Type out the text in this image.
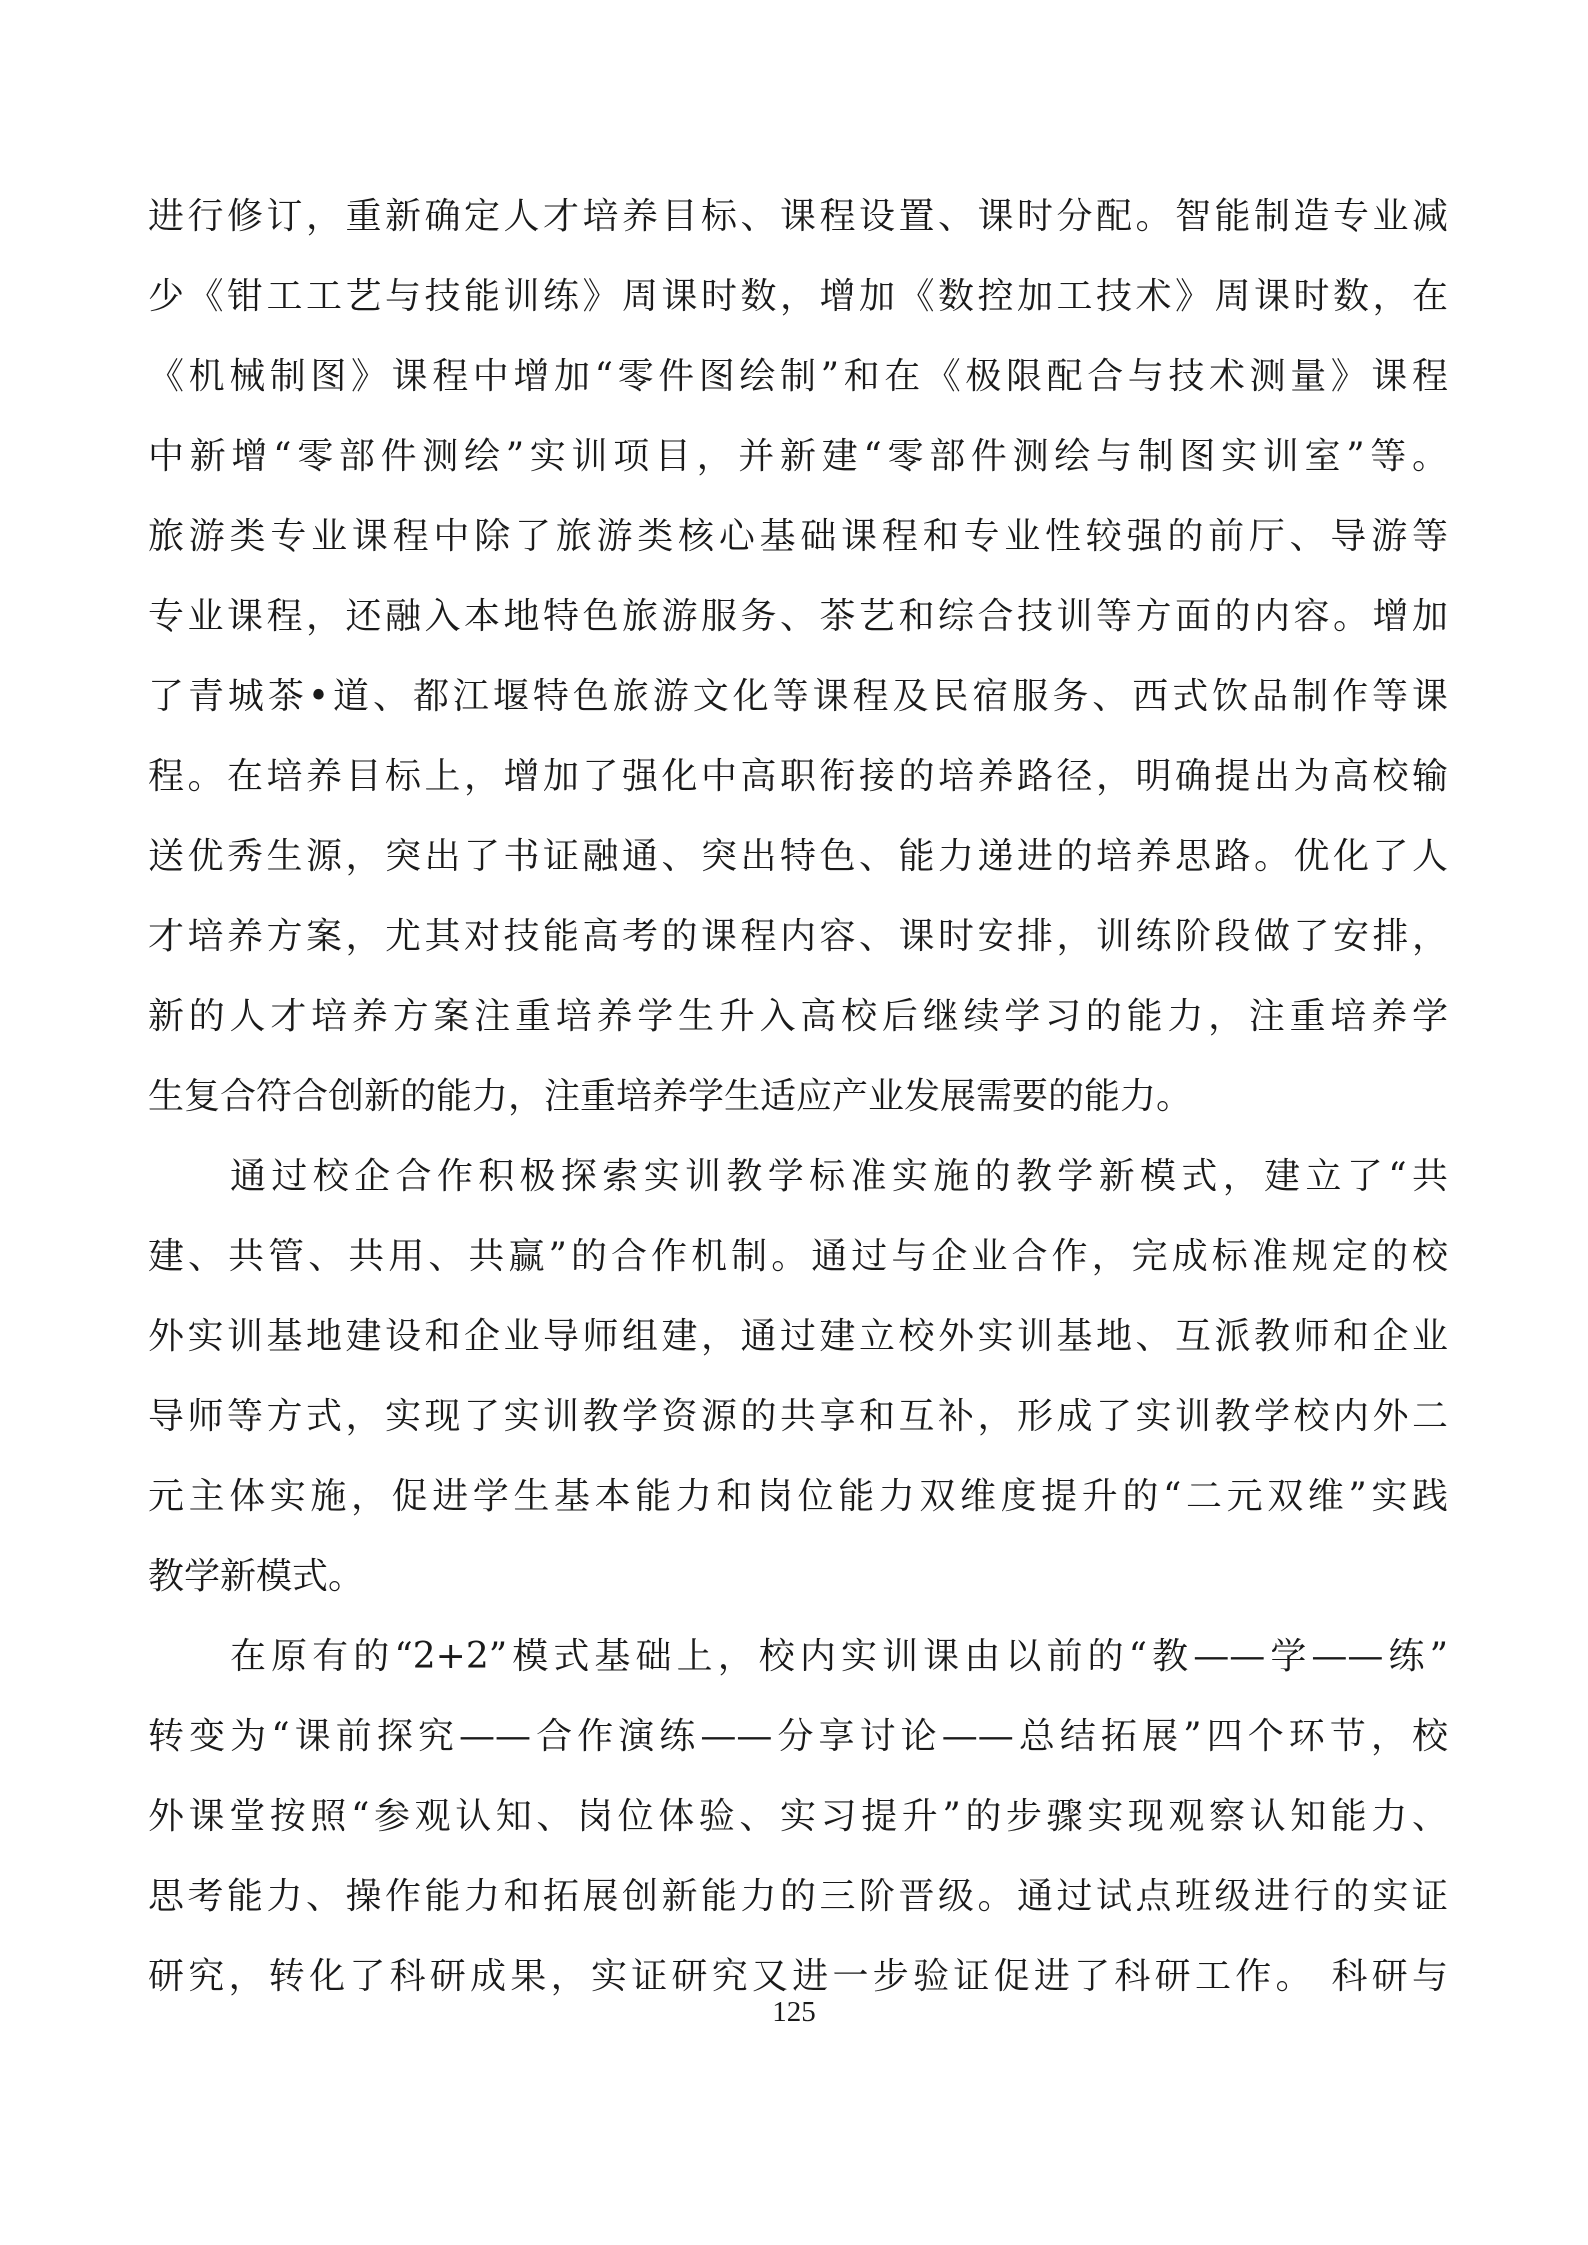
进行修订，重新确定人才培养目标、课程设置、课时分配。智能制造专业减
少《钳工工艺与技能训练》周课时数，增加《数控加工技术》周课时数，在
《机械制图》课程中增加“零件图绘制”和在《极限配合与技术测量》课程
中新增“零部件测绘”实训项目，并新建“零部件测绘与制图实训室”等。
旅游类专业课程中除了旅游类核心基础课程和专业性较强的前厅、导游等
专业课程，还融入本地特色旅游服务、茶艺和综合技训等方面的内容。增加
了青城茶•道、都江堰特色旅游文化等课程及民宿服务、西式饮品制作等课
程。在培养目标上，增加了强化中高职衔接的培养路径，明确提出为高校输
送优秀生源，突出了书证融通、突出特色、能力递进的培养思路。优化了人
才培养方案，尤其对技能高考的课程内容、课时安排，训练阶段做了安排，
新的人才培养方案注重培养学生升入高校后继续学习的能力，注重培养学
生复合符合创新的能力，注重培养学生适应产业发展需要的能力。
通过校企合作积极探索实训教学标准实施的教学新模式，建立了“共
建、共管、共用、共赢”的合作机制。通过与企业合作，完成标准规定的校
外实训基地建设和企业导师组建，通过建立校外实训基地、互派教师和企业
导师等方式，实现了实训教学资源的共享和互补，形成了实训教学校内外二
元主体实施，促进学生基本能力和岗位能力双维度提升的“二元双维”实践
教学新模式。
在原有的“2+2”模式基础上，校内实训课由以前的“教——学——练”
转变为“课前探究——合作演练——分享讨论——总结拓展”四个环节，校
外课堂按照“参观认知、岗位体验、实习提升”的步骤实现观察认知能力、
思考能力、操作能力和拓展创新能力的三阶晋级。通过试点班级进行的实证
研究，转化了科研成果，实证研究又进一步验证促进了科研工作。 科研与
125
